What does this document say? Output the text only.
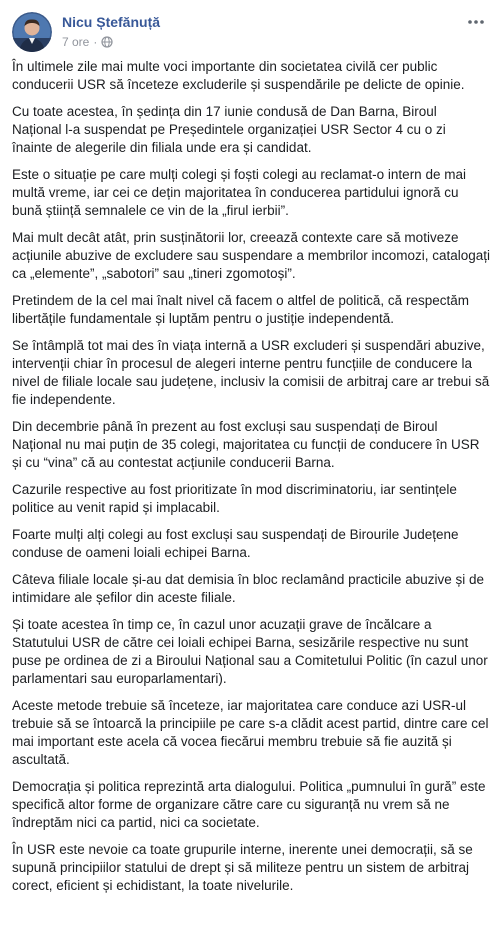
Nicu Ștefănuță
7 ore ·

În ultimele zile mai multe voci importante din societatea civilă cer public conducerii USR să înceteze excluderile și suspendările pe delicte de opinie.

Cu toate acestea, în ședința din 17 iunie condusă de Dan Barna, Biroul Național l-a suspendat pe Președintele organizației USR Sector 4 cu o zi înainte de alegerile din filiala unde era și candidat.

Este o situație pe care mulți colegi și foști colegi au reclamat-o intern de mai multă vreme, iar cei ce dețin majoritatea în conducerea partidului ignoră cu bună știință semnalele ce vin de la „firul ierbii”.

Mai mult decât atât, prin susținătorii lor, creează contexte care să motiveze acțiunile abuzive de excludere sau suspendare a membrilor incomozi, catalogați ca „elemente”, „sabotori” sau „tineri zgomotoși”.

Pretindem de la cel mai înalt nivel că facem o altfel de politică, că respectăm libertățile fundamentale și luptăm pentru o justiție independentă.

Se întâmplă tot mai des în viața internă a USR excluderi și suspendări abuzive, intervenții chiar în procesul de alegeri interne pentru funcțiile de conducere la nivel de filiale locale sau județene, inclusiv la comisii de arbitraj care ar trebui să fie independente.

Din decembrie până în prezent au fost excluși sau suspendați de Biroul Național nu mai puțin de 35 colegi, majoritatea cu funcții de conducere în USR și cu “vina” că au contestat acțiunile conducerii Barna.

Cazurile respective au fost prioritizate în mod discriminatoriu, iar sentințele politice au venit rapid și implacabil.

Foarte mulți alți colegi au fost excluși sau suspendați de Birourile Județene conduse de oameni loiali echipei Barna.

Câteva filiale locale și-au dat demisia în bloc reclamând practicile abuzive și de intimidare ale șefilor din aceste filiale.

Și toate acestea în timp ce, în cazul unor acuzații grave de încălcare a Statutului USR de către cei loiali echipei Barna, sesizările respective nu sunt puse pe ordinea de zi a Biroului Național sau a Comitetului Politic (în cazul unor parlamentari sau europarlamentari).

Aceste metode trebuie să înceteze, iar majoritatea care conduce azi USR-ul trebuie să se întoarcă la principiile pe care s-a clădit acest partid, dintre care cel mai important este acela că vocea fiecărui membru trebuie să fie auzită și ascultată.

Democrația și politica reprezintă arta dialogului. Politica „pumnului în gură” este specifică altor forme de organizare către care cu siguranță nu vrem să ne îndreptăm nici ca partid, nici ca societate.

În USR este nevoie ca toate grupurile interne, inerente unei democrații, să se supună principiilor statului de drept și să militeze pentru un sistem de arbitraj corect, eficient și echidistant, la toate nivelurile.
